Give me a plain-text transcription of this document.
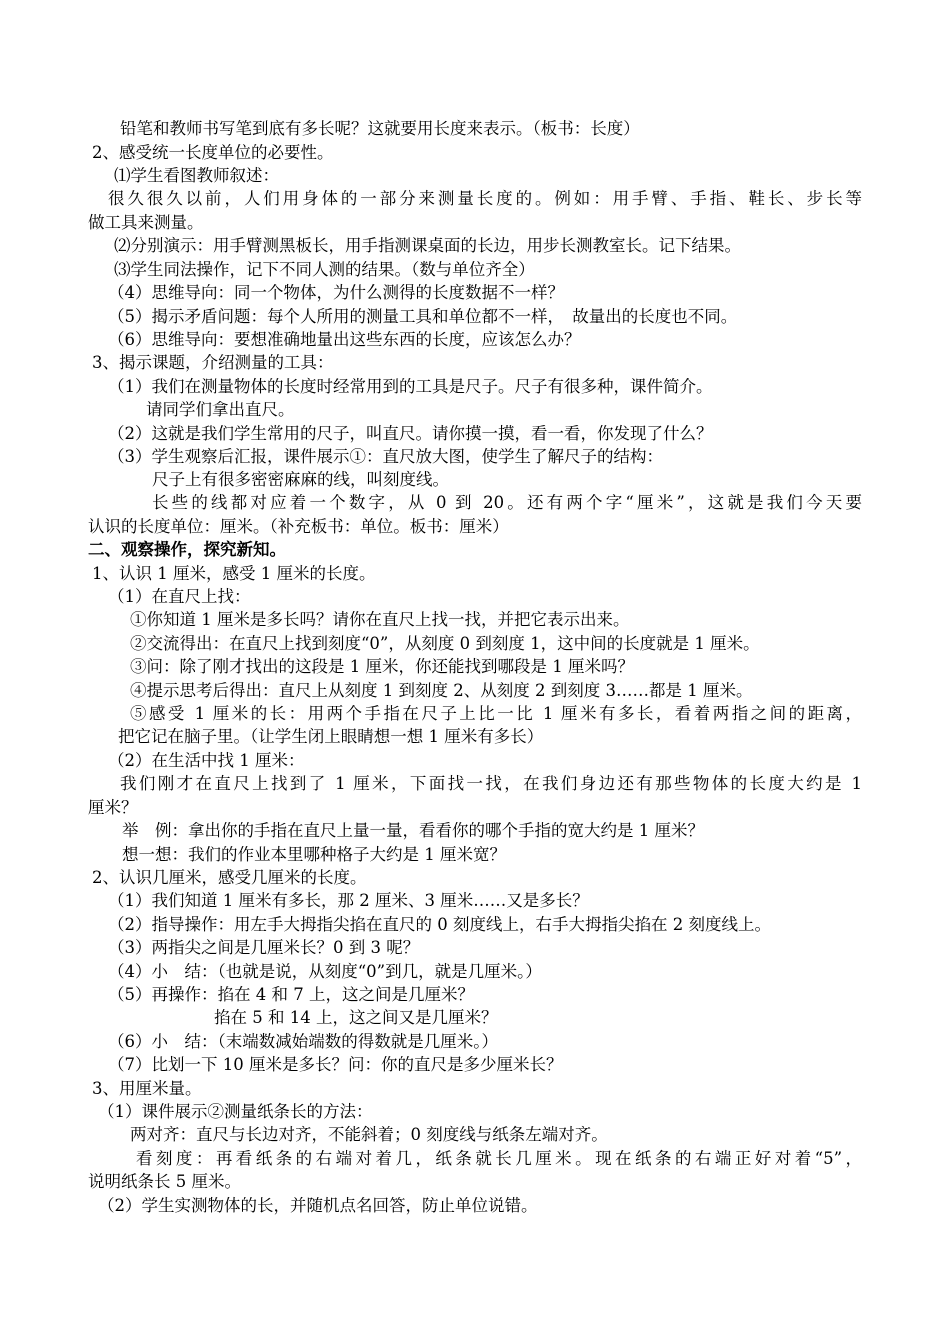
铅笔和教师书写笔到底有多长呢？这就要用长度来表示。（板书：长度）
2、感受统一长度单位的必要性。
⑴学生看图教师叙述：
很久很久以前，人们用身体的一部分来测量长度的。例如：用手臂、手指、鞋长、步长等
做工具来测量。
⑵分别演示：用手臂测黑板长，用手指测课桌面的长边，用步长测教室长。记下结果。
⑶学生同法操作，记下不同人测的结果。（数与单位齐全）
（4）思维导向：同一个物体，为什么测得的长度数据不一样？
（5）揭示矛盾问题：每个人所用的测量工具和单位都不一样，　故量出的长度也不同。
（6）思维导向：要想准确地量出这些东西的长度，应该怎么办？
3、揭示课题，介绍测量的工具：
（1）我们在测量物体的长度时经常用到的工具是尺子。尺子有很多种，课件简介。
请同学们拿出直尺。
（2）这就是我们学生常用的尺子，叫直尺。请你摸一摸，看一看，你发现了什么？
（3）学生观察后汇报，课件展示①：直尺放大图，使学生了解尺子的结构：
尺子上有很多密密麻麻的线，叫刻度线。
长些的线都对应着一个数字，从 0 到 20。还有两个字“厘米”，这就是我们今天要
认识的长度单位：厘米。（补充板书：单位。板书：厘米）
二、观察操作，探究新知。
1、认识 1 厘米，感受 1 厘米的长度。
（1）在直尺上找：
①你知道 1 厘米是多长吗？请你在直尺上找一找，并把它表示出来。
②交流得出：在直尺上找到刻度“0”，从刻度 0 到刻度 1，这中间的长度就是 1 厘米。
③问：除了刚才找出的这段是 1 厘米，你还能找到哪段是 1 厘米吗？
④提示思考后得出：直尺上从刻度 1 到刻度 2、从刻度 2 到刻度 3……都是 1 厘米。
⑤感受 1 厘米的长：用两个手指在尺子上比一比 1 厘米有多长，看着两指之间的距离，
把它记在脑子里。（让学生闭上眼睛想一想 1 厘米有多长）
（2）在生活中找 1 厘米：
我们刚才在直尺上找到了 1 厘米，下面找一找，在我们身边还有那些物体的长度大约是 1
厘米？
举　例：拿出你的手指在直尺上量一量，看看你的哪个手指的宽大约是 1 厘米？
想一想：我们的作业本里哪种格子大约是 1 厘米宽？
2、认识几厘米，感受几厘米的长度。
（1）我们知道 1 厘米有多长，那 2 厘米、3 厘米……又是多长？
（2）指导操作：用左手大拇指尖掐在直尺的 0 刻度线上，右手大拇指尖掐在 2 刻度线上。
（3）两指尖之间是几厘米长？0 到 3 呢？
（4）小　结：（也就是说，从刻度“0”到几，就是几厘米。）
（5）再操作：掐在 4 和 7 上，这之间是几厘米？
掐在 5 和 14 上，这之间又是几厘米？
（6）小　结：（末端数减始端数的得数就是几厘米。）
（7）比划一下 10 厘米是多长？问：你的直尺是多少厘米长？
3、用厘米量。
（1）课件展示②测量纸条长的方法：
两对齐：直尺与长边对齐，不能斜着；0 刻度线与纸条左端对齐。
看刻度：再看纸条的右端对着几，纸条就长几厘米。现在纸条的右端正好对着“5”，
说明纸条长 5 厘米。
（2）学生实测物体的长，并随机点名回答，防止单位说错。
